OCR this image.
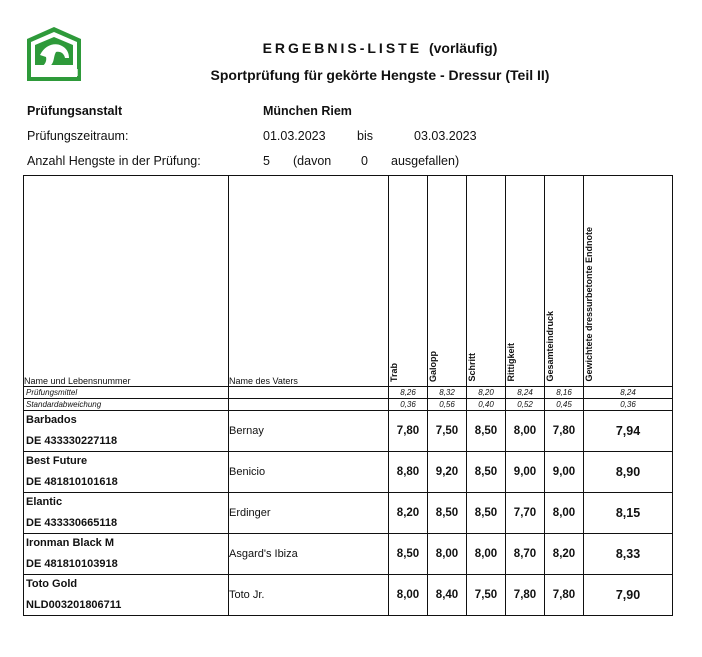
FN
ERGEBNIS-LISTE (vorläufig)
Sportprüfung für gekörte Hengste - Dressur (Teil II)
Prüfungsanstalt	München Riem
Prüfungszeitraum:	01.03.2023	bis	03.03.2023
Anzahl Hengste in der Prüfung:	5 (davon 0 ausgefallen)
Name und Lebensnummer	Name des Vaters	Trab	Galopp	Schritt	Rittigkeit	Gesamteindruck	Gewichtete dressurbetonte Endnote
Prüfungsmittel		8,26	8,32	8,20	8,24	8,16	8,24
Standardabweichung		0,36	0,56	0,40	0,52	0,45	0,36

Barbados
DE 433330227118	Bernay	7,80	7,50	8,50	8,00	7,80	7,94

Best Future
DE 481810101618	Benicio	8,80	9,20	8,50	9,00	9,00	8,90

Elantic
DE 433330665118	Erdinger	8,20	8,50	8,50	7,70	8,00	8,15

Ironman Black M
DE 481810103918	Asgard's Ibiza	8,50	8,00	8,00	8,70	8,20	8,33

Toto Gold
NLD003201806711	Toto Jr.	8,00	8,40	7,50	7,80	7,80	7,90
